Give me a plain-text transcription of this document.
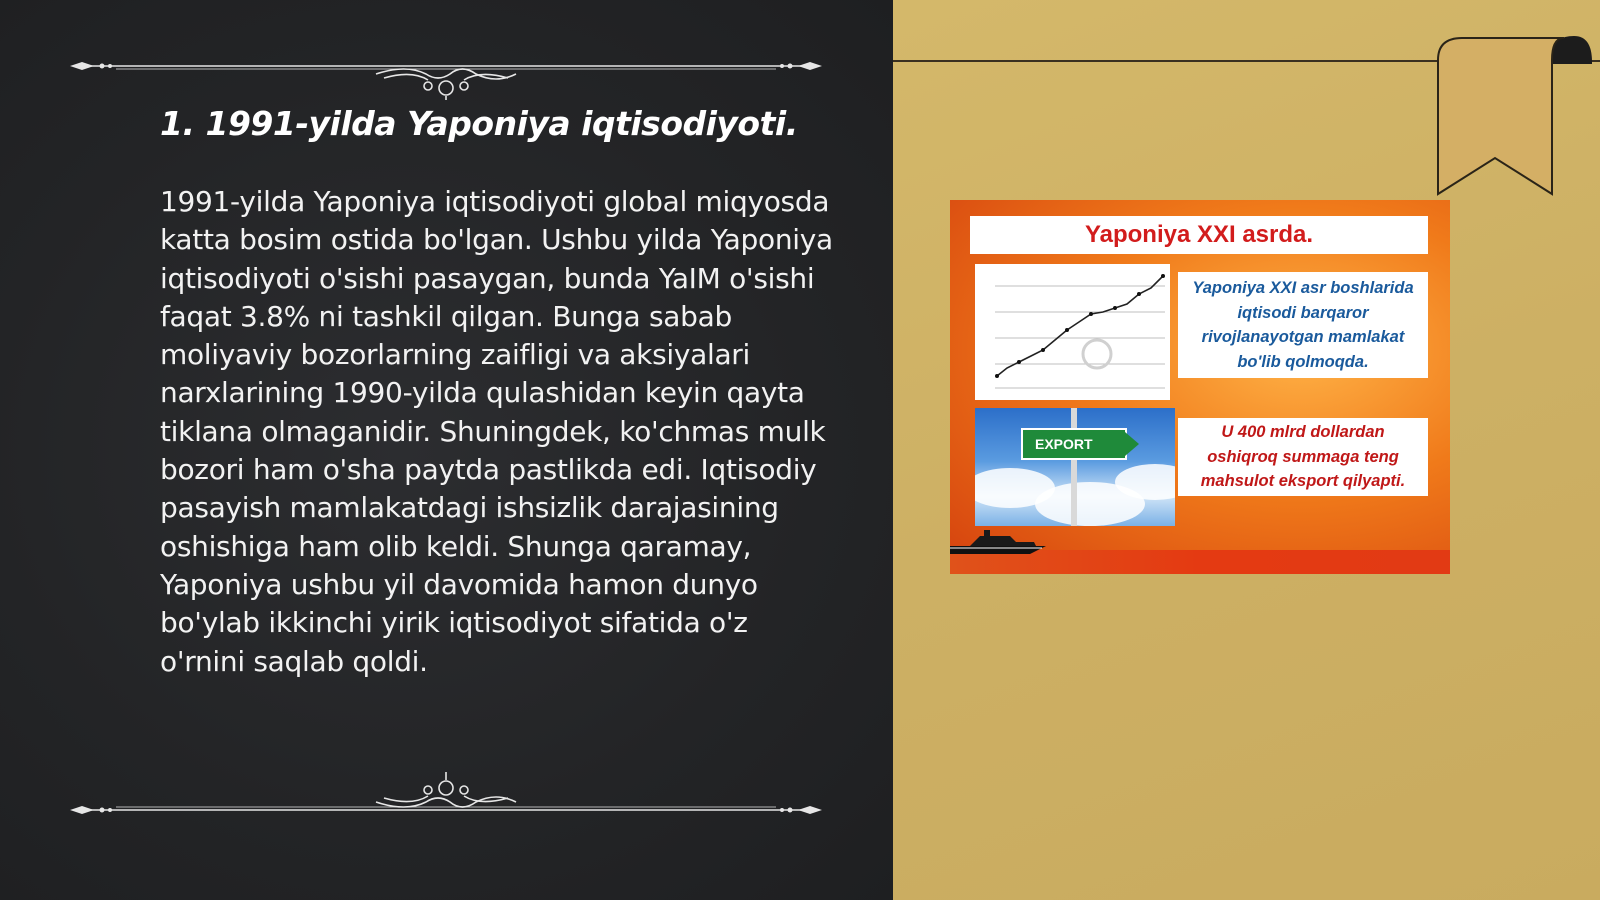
1. 1991-yilda Yaponiya iqtisodiyoti.

1991-yilda Yaponiya iqtisodiyoti global miqyosda katta bosim ostida bo'lgan. Ushbu yilda Yaponiya iqtisodiyoti o'sishi pasaygan, bunda YaIM o'sishi faqat 3.8% ni tashkil qilgan. Bunga sabab moliyaviy bozorlarning zaifligi va aksiyalari narxlarining 1990-yilda qulashidan keyin qayta tiklana olmaganidir. Shuningdek, ko'chmas mulk bozori ham o'sha paytda pastlikda edi. Iqtisodiy pasayish mamlakatdagi ishsizlik darajasining oshishiga ham olib keldi. Shunga qaramay, Yaponiya ushbu yil davomida hamon dunyo bo'ylab ikkinchi yirik iqtisodiyot sifatida o'z o'rnini saqlab qoldi.

Yaponiya XXI asrda.
Yaponiya XXI asr boshlarida iqtisodi barqaror rivojlanayotgan mamlakat bo'lib qolmoqda.
EXPORT
U 400 mlrd dollardan oshiqroq summaga teng mahsulot eksport qilyapti.
